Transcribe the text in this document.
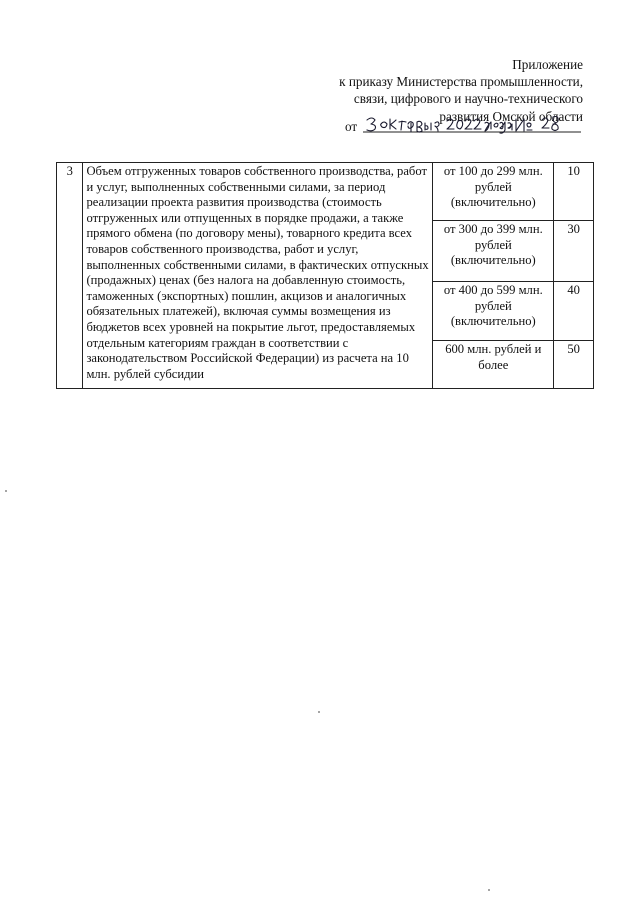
Приложение
к приказу Министерства промышленности,
связи, цифрового и научно-технического
развития Омской области
от
3	Объем отгруженных товаров собственного производства, работ и услуг, выполненных собственными силами, за период реализации проекта развития производства (стоимость отгруженных или отпущенных в порядке продажи, а также прямого обмена (по договору мены), товарного кредита всех товаров собственного производства, работ и услуг, выполненных собственными силами, в фактических отпускных (продажных) ценах (без налога на добавленную стоимость, таможенных (экспортных) пошлин, акцизов и аналогичных обязательных платежей), включая суммы возмещения из бюджетов всех уровней на покрытие льгот, предоставляемых отдельным категориям граждан в соответствии с законодательством Российской Федерации) из расчета на 10 млн. рублей субсидии	от 100 до 299 млн. рублей (включительно)	10

		от 300 до 399 млн. рублей (включительно)	30

		от 400 до 599 млн. рублей (включительно)	40

		600 млн. рублей и более	50
